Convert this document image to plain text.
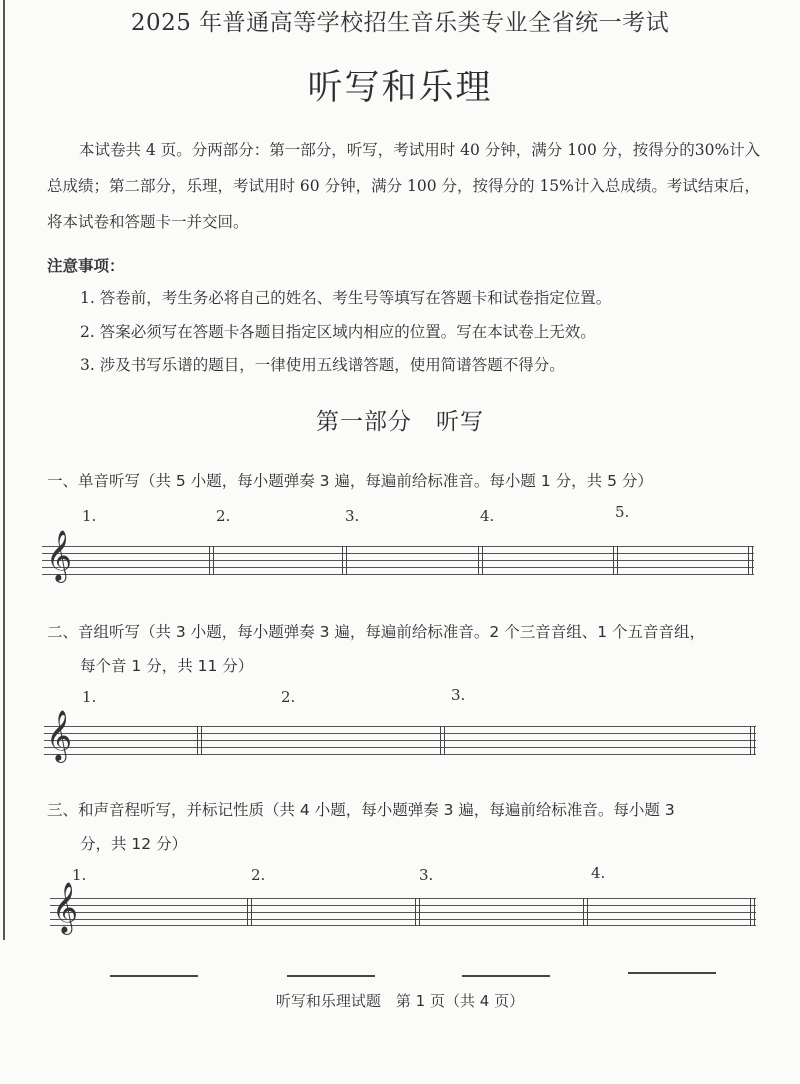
2025 年普通高等学校招生音乐类专业全省统一考试
听写和乐理

本试卷共 4 页。分两部分：第一部分，听写，考试用时 40 分钟，满分 100 分，按得分的30%计入总成绩；第二部分，乐理，考试用时 60 分钟，满分 100 分，按得分的 15%计入总成绩。考试结束后，将本试卷和答题卡一并交回。

注意事项：
1. 答卷前，考生务必将自己的姓名、考生号等填写在答题卡和试卷指定位置。
2. 答案必须写在答题卡各题目指定区域内相应的位置。写在本试卷上无效。
3. 涉及书写乐谱的题目，一律使用五线谱答题，使用简谱答题不得分。
第一部分　听写
一、单音听写（共 5 小题，每小题弹奏 3 遍，每遍前给标准音。每小题 1 分，共 5 分）
1.	2.	3.	4.	5.
𝄞
二、音组听写（共 3 小题，每小题弹奏 3 遍，每遍前给标准音。2 个三音音组、1 个五音音组，
每个音 1 分，共 11 分）
1.	2.	3.
𝄞
三、和声音程听写，并标记性质（共 4 小题，每小题弹奏 3 遍，每遍前给标准音。每小题 3
分，共 12 分）
1.	2.	3.	4.
𝄞
听写和乐理试题　第 1 页（共 4 页）
